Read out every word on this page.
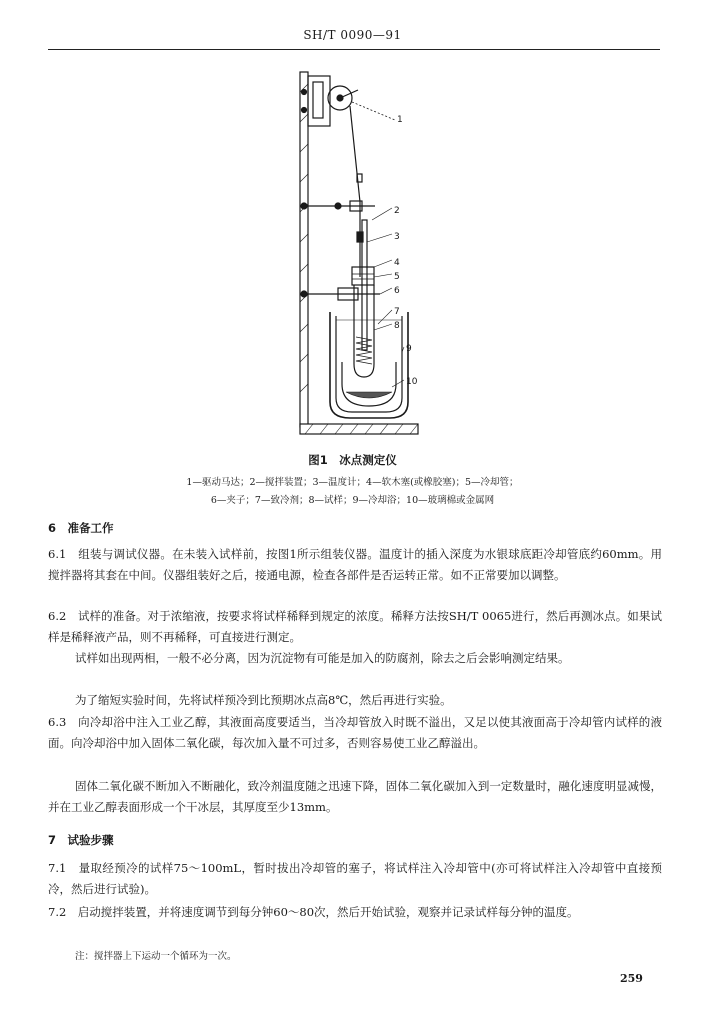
SH/T 0090—91
1
2
3
4
5
6
7
8
9
10
图1　冰点测定仪
1—驱动马达；2—搅拌装置；3—温度计；4—软木塞(或橡胶塞)；5—冷却管；
6—夹子；7—致冷剂；8—试样；9—冷却浴；10—玻璃棉或金属网
6　准备工作
6.1　组装与调试仪器。在未装入试样前，按图1所示组装仪器。温度计的插入深度为水银球底距冷却管底约60mm。用搅拌器将其套在中间。仪器组装好之后，接通电源，检查各部件是否运转正常。如不正常要加以调整。
6.2　试样的准备。对于浓缩液，按要求将试样稀释到规定的浓度。稀释方法按SH/T 0065进行，然后再测冰点。如果试样是稀释液产品，则不再稀释，可直接进行测定。
试样如出现两相，一般不必分离，因为沉淀物有可能是加入的防腐剂，除去之后会影响测定结果。
为了缩短实验时间，先将试样预冷到比预期冰点高8℃，然后再进行实验。
6.3　向冷却浴中注入工业乙醇，其液面高度要适当，当冷却管放入时既不溢出，又足以使其液面高于冷却管内试样的液面。向冷却浴中加入固体二氧化碳，每次加入量不可过多，否则容易使工业乙醇溢出。
固体二氧化碳不断加入不断融化，致冷剂温度随之迅速下降，固体二氧化碳加入到一定数量时，融化速度明显减慢，并在工业乙醇表面形成一个干冰层，其厚度至少13mm。
7　试验步骤
7.1　量取经预冷的试样75～100mL，暂时拔出冷却管的塞子，将试样注入冷却管中(亦可将试样注入冷却管中直接预冷，然后进行试验)。
7.2　启动搅拌装置，并将速度调节到每分钟60～80次，然后开始试验，观察并记录试样每分钟的温度。
注：搅拌器上下运动一个循环为一次。
259
